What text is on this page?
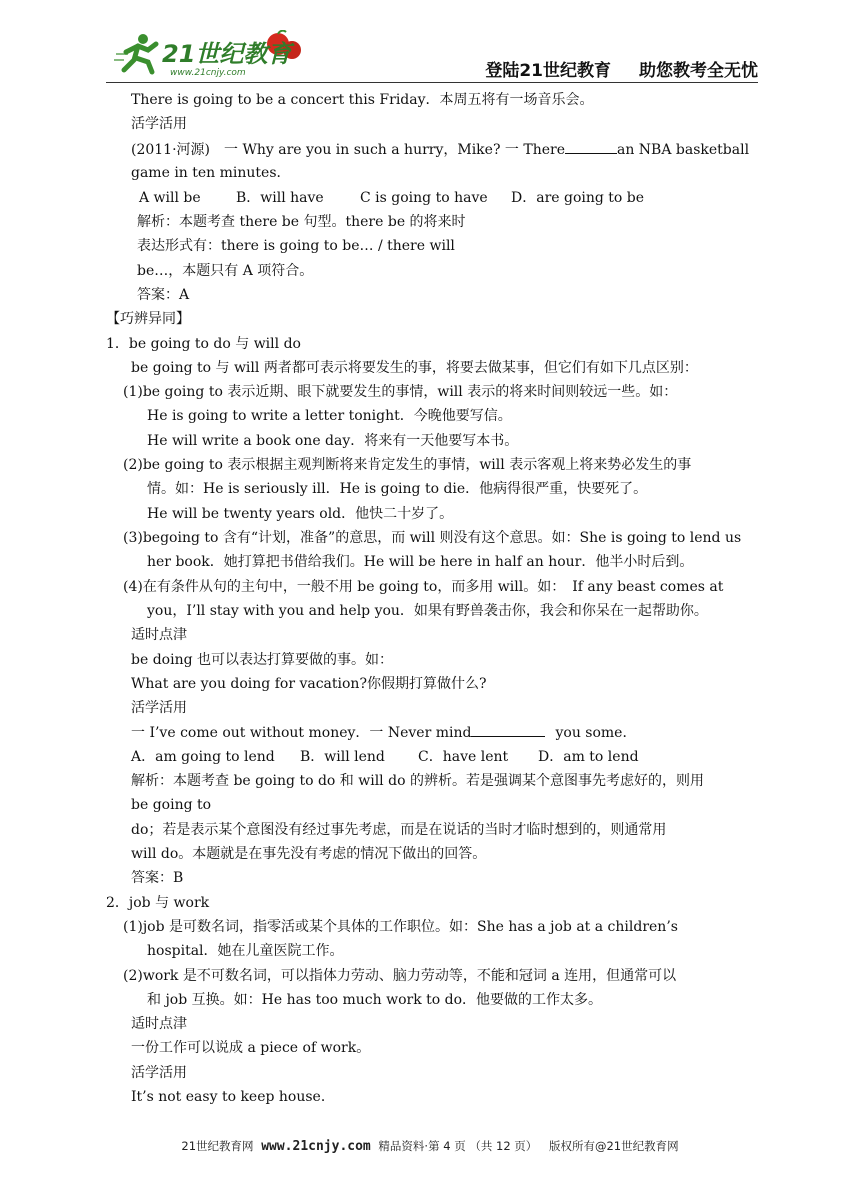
21世纪教育
www.21cnjy.com	登陆21世纪教育 助您教考全无忧
There is going to be a concert this Friday．本周五将有一场音乐会。
活学活用
(2011·河源)　一 Why are you in such a hurry，Mike? 一 There	an NBA basketball
game in ten minutes．
A will be	B．will have	C is going to have D．are going to be
解析：本题考查 there be 句型。there be 的将来时
表达形式有：there is going to be… / there will
be…，本题只有 A 项符合。
答案：A
【巧辨异同】
1．be going to do 与 will do
be going to 与 will 两者都可表示将要发生的事，将要去做某事，但它们有如下几点区别：
(1)be going to 表示近期、眼下就要发生的事情，will 表示的将来时间则较远一些。如：
He is going to write a letter tonight．今晚他要写信。
He will write a book one day．将来有一天他要写本书。
(2)be going to 表示根据主观判断将来肯定发生的事情，will 表示客观上将来势必发生的事
情。如：He is seriously ill．He is going to die．他病得很严重，快要死了。
He will be twenty years old．他快二十岁了。
(3)begoing to 含有“计划，准备”的意思，而 will 则没有这个意思。如：She is going to lend us
her book．她打算把书借给我们。He will be here in half an hour．他半小时后到。
(4)在有条件从句的主句中，一般不用 be going to，而多用 will。如：　If any beast comes at
you，I’ll stay with you and help you．如果有野兽袭击你，我会和你呆在一起帮助你。
适时点津
be doing 也可以表达打算要做的事。如：
What are you doing for vacation?你假期打算做什么?
活学活用
一 I’ve come out without money．一 Never mind	you some．
A．am going to lend B．will lend C．have lent D．am to lend
解析：本题考查 be going to do 和 will do 的辨析。若是强调某个意图事先考虑好的，则用
be going to
do；若是表示某个意图没有经过事先考虑，而是在说话的当时才临时想到的，则通常用
will do。本题就是在事先没有考虑的情况下做出的回答。
答案：B
2．job 与 work
(1)job 是可数名词，指零活或某个具体的工作职位。如：She has a job at a children’s
hospital．她在儿童医院工作。
(2)work 是不可数名词，可以指体力劳动、脑力劳动等，不能和冠词 a 连用，但通常可以
和 job 互换。如：He has too much work to do．他要做的工作太多。
适时点津
一份工作可以说成 a piece of work。
活学活用
It’s not easy to keep house．
21世纪教育网 www.21cnjy.com 精品资料·第 4 页 （共 12 页） 版权所有@21世纪教育网
